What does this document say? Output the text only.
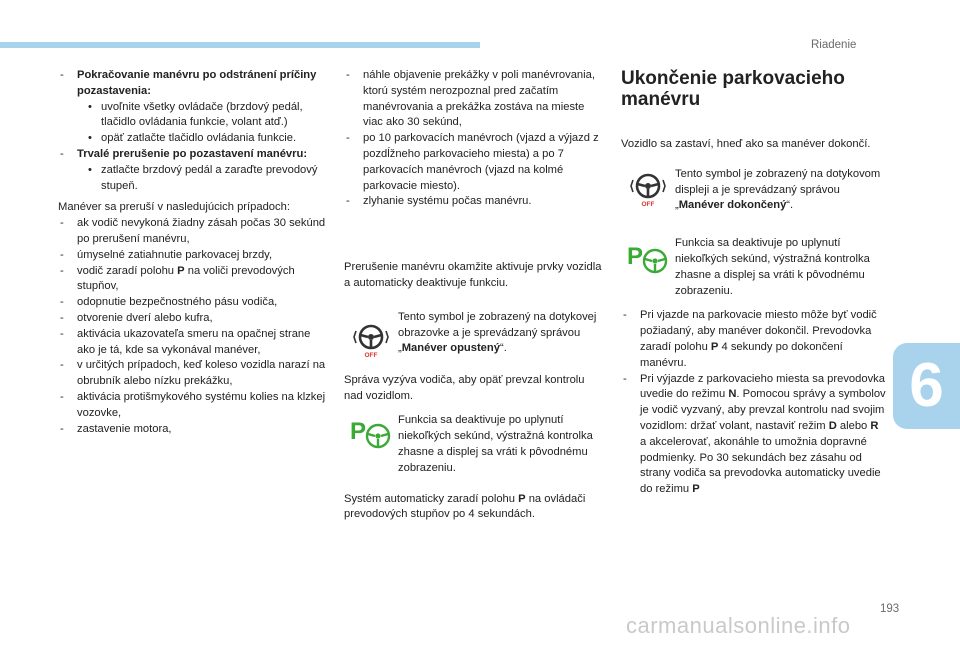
Riadenie
-	Pokračovanie manévru po odstránení príčiny pozastavenia:
• uvoľnite všetky ovládače (brzdový pedál, tlačidlo ovládania funkcie, volant atď.)
• opäť zatlačte tlačidlo ovládania funkcie.
-	Trvalé prerušenie po pozastavení manévru:
• zatlačte brzdový pedál a zaraďte prevodový stupeň.

Manéver sa preruší v nasledujúcich prípadoch:

-	ak vodič nevykoná žiadny zásah počas 30 sekúnd po prerušení manévru,
-	úmyselné zatiahnutie parkovacej brzdy,
-	vodič zaradí polohu P na voliči prevodových stupňov,
-	odopnutie bezpečnostného pásu vodiča,
-	otvorenie dverí alebo kufra,
-	aktivácia ukazovateľa smeru na opačnej strane ako je tá, kde sa vykonával manéver,
-	v určitých prípadoch, keď koleso vozidla narazí na obrubník alebo nízku prekážku,
-	aktivácia protišmykového systému kolies na klzkej vozovke,
-	zastavenie motora,
-	náhle objavenie prekážky v poli manévrovania, ktorú systém nerozpoznal pred začatím manévrovania a prekážka zostáva na mieste viac ako 30 sekúnd,
-	po 10 parkovacích manévroch (vjazd a výjazd z pozdĺžneho parkovacieho miesta) a po 7 parkovacích manévroch (vjazd na kolmé parkovacie miesto).
-	zlyhanie systému počas manévru.

Prerušenie manévru okamžite aktivuje prvky vozidla a automaticky deaktivuje funkciu.

OFF
Tento symbol je zobrazený na dotykovej obrazovke a je sprevádzaný správou „Manéver opustený“.

Správa vyzýva vodiča, aby opäť prevzal kontrolu nad vozidlom.

P	Funkcia sa deaktivuje po uplynutí niekoľkých sekúnd, výstražná kontrolka zhasne a displej sa vráti k pôvodnému zobrazeniu.

Systém automaticky zaradí polohu P na ovládači prevodových stupňov po 4 sekundách.

Ukončenie parkovacieho manévru

Vozidlo sa zastaví, hneď ako sa manéver dokončí.

OFF
Tento symbol je zobrazený na dotykovom displeji a je sprevádzaný správou „Manéver dokončený“.
P	Funkcia sa deaktivuje po uplynutí niekoľkých sekúnd, výstražná kontrolka zhasne a displej sa vráti k pôvodnému zobrazeniu.
-	Pri vjazde na parkovacie miesto môže byť vodič požiadaný, aby manéver dokončil. Prevodovka zaradí polohu P 4 sekundy po dokončení manévru.
-	Pri výjazde z parkovacieho miesta sa prevodovka uvedie do režimu N. Pomocou správy a symbolov je vodič vyzvaný, aby prevzal kontrolu nad svojim vozidlom: držať volant, nastaviť režim D alebo R a akcelerovať, akonáhle to umožnia dopravné podmienky. Po 30 sekundách bez zásahu od strany vodiča sa prevodovka automaticky uvedie do režimu P
6
193
carmanualsonline.info
